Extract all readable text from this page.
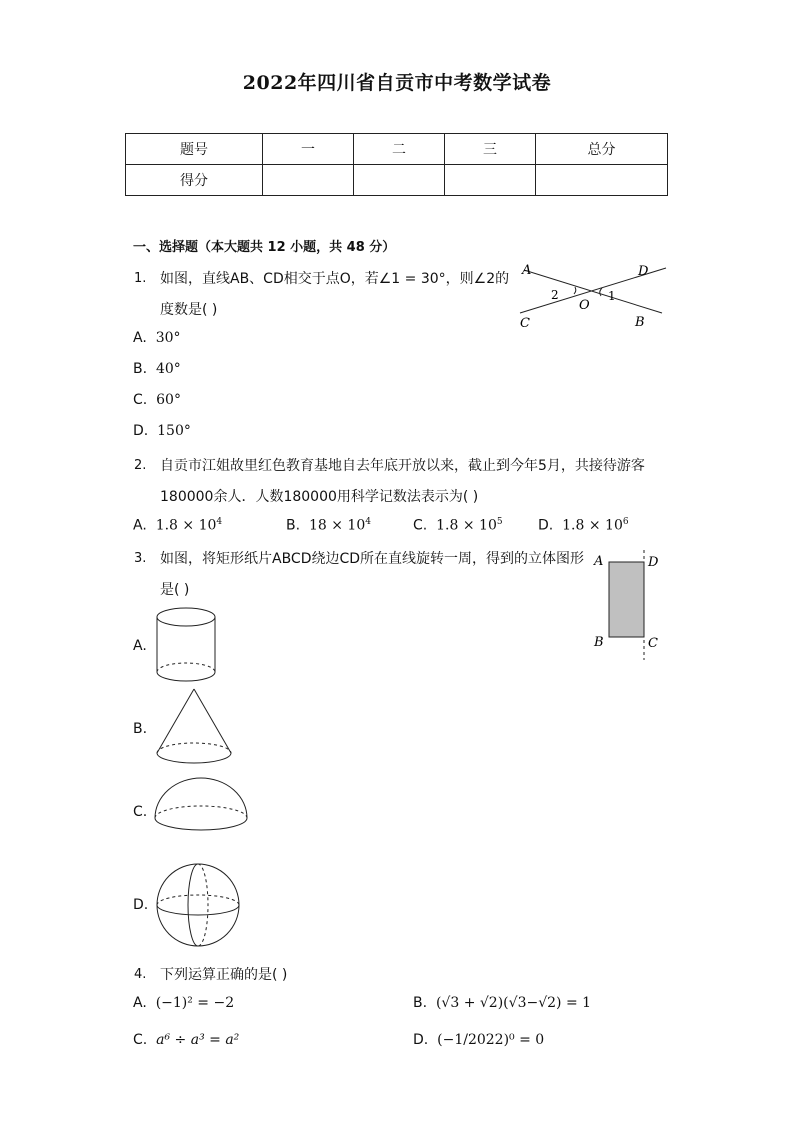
2022年四川省自贡市中考数学试卷
题号	一	二	三	总分
得分				
一、选择题（本大题共 12 小题，共 48 分）
1. 如图，直线AB、CD相交于点O，若∠1 = 30°，则∠2的
度数是( )
A	D
C	B
O
2	1
A. 30°
B. 40°
C. 60°
D. 150°
2. 自贡市江姐故里红色教育基地自去年底开放以来，截止到今年5月，共接待游客
180000余人．人数180000用科学记数法表示为( )
A. $1.8 \times 10^4$	B. $18 \times 10^4$	C. $1.8 \times 10^5$	D. $1.8 \times 10^6$
3. 如图，将矩形纸片ABCD绕边CD所在直线旋转一周，得到的立体图形
是( )
A	D
B	C
A.
B.
C.
D.
4. 下列运算正确的是( )
A. (−1)² = −2	B. (√3 + √2)(√3−√2) = 1
C. a⁶ ÷ a³ = a²	D. (−1/2022)⁰ = 0
